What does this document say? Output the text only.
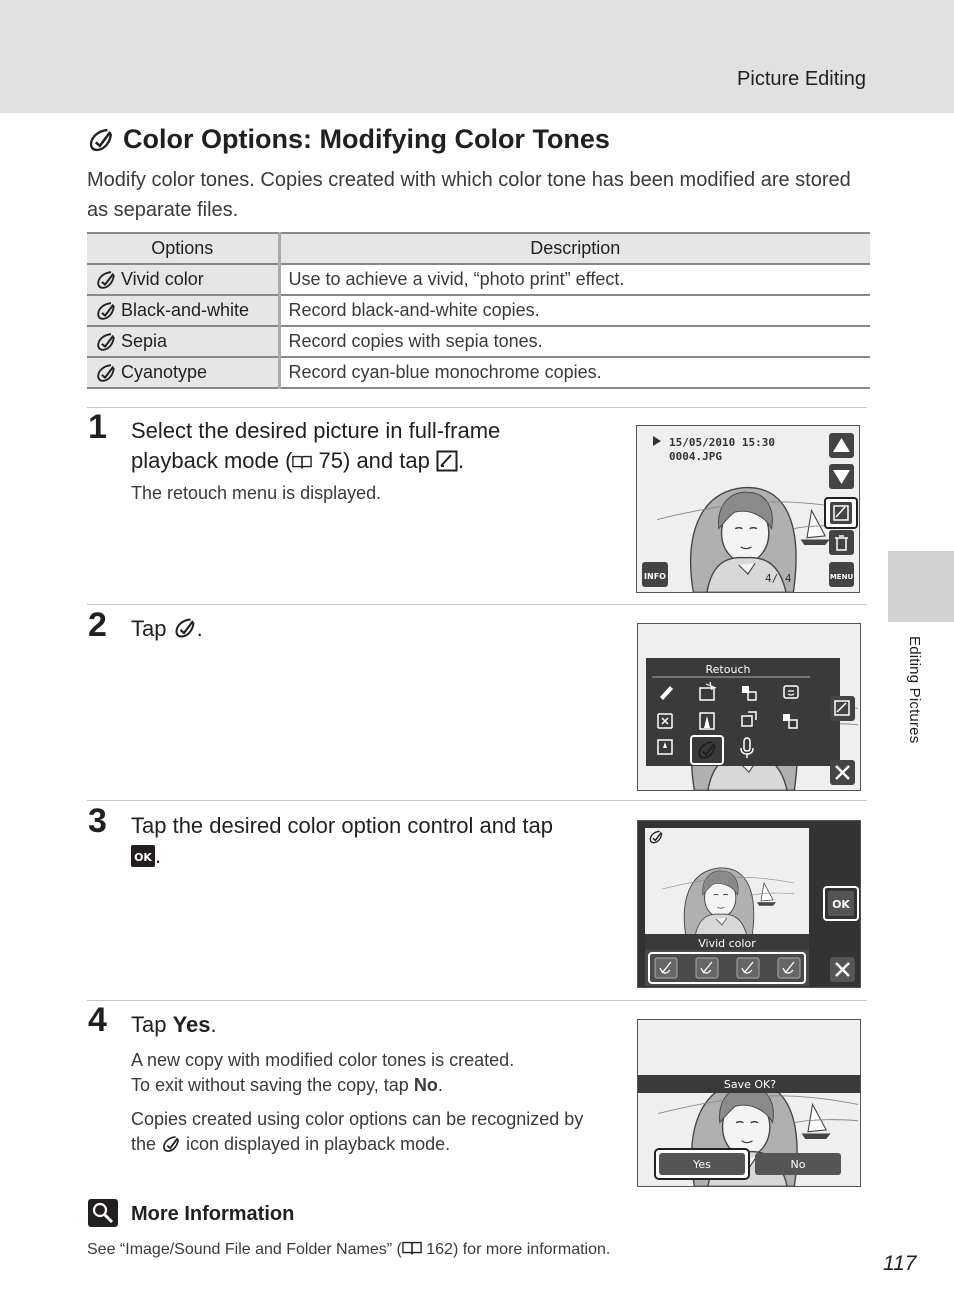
Picture Editing
Editing Pictures
Color Options: Modifying Color Tones
Modify color tones. Copies created with which color tone has been modified are stored as separate files.
Options	Description

Vivid color	Use to achieve a vivid, “photo print” effect.

Black-and-white	Record black-and-white copies.

Sepia	Record copies with sepia tones.

Cyanotype	Record cyan-blue monochrome copies.
1 Select the desired picture in full-frame
playback mode ( 75) and tap .
The retouch menu is displayed.
15/05/2010 15:30
0004.JPG
INFO	MENU
4/ 4
2 Tap .
Retouch
3 Tap the desired color option control and tap

OK .
Vivid color
OK
4 Tap Yes.
A new copy with modified color tones is created.
To exit without saving the copy, tap No.
Copies created using color options can be recognized by
the  icon displayed in playback mode.
Save OK?
Yes	No
More Information
See “Image/Sound File and Folder Names” ( 162) for more information.
117
